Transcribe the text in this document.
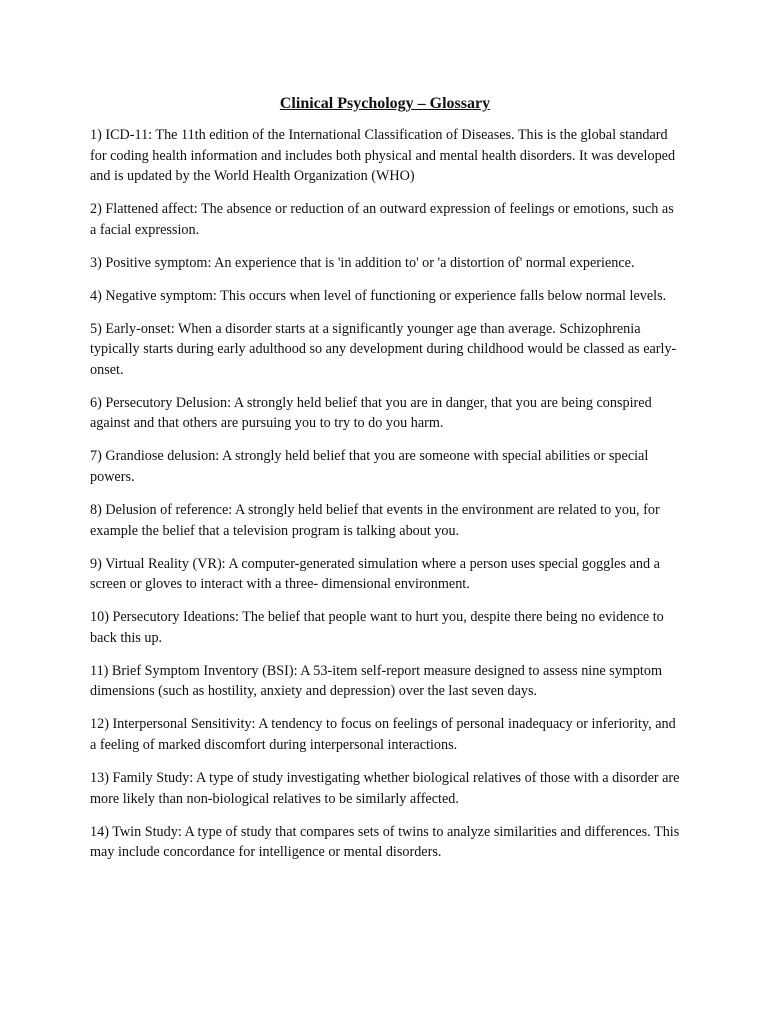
Clinical Psychology – Glossary

1) ICD-11: The 11th edition of the International Classification of Diseases. This is the global standard for coding health information and includes both physical and mental health disorders. It was developed and is updated by the World Health Organization (WHO)

2) Flattened affect: The absence or reduction of an outward expression of feelings or emotions, such as a facial expression.

3) Positive symptom: An experience that is 'in addition to' or 'a distortion of' normal experience.

4) Negative symptom: This occurs when level of functioning or experience falls below normal levels.

5) Early-onset: When a disorder starts at a significantly younger age than average. Schizophrenia typically starts during early adulthood so any development during childhood would be classed as early-onset.

6) Persecutory Delusion: A strongly held belief that you are in danger, that you are being conspired against and that others are pursuing you to try to do you harm.

7) Grandiose delusion: A strongly held belief that you are someone with special abilities or special powers.

8) Delusion of reference: A strongly held belief that events in the environment are related to you, for example the belief that a television program is talking about you.

9) Virtual Reality (VR): A computer-generated simulation where a person uses special goggles and a screen or gloves to interact with a three- dimensional environment.

10) Persecutory Ideations: The belief that people want to hurt you, despite there being no evidence to back this up.

11) Brief Symptom Inventory (BSI): A 53-item self-report measure designed to assess nine symptom dimensions (such as hostility, anxiety and depression) over the last seven days.

12) Interpersonal Sensitivity: A tendency to focus on feelings of personal inadequacy or inferiority, and a feeling of marked discomfort during interpersonal interactions.

13) Family Study: A type of study investigating whether biological relatives of those with a disorder are more likely than non-biological relatives to be similarly affected.

14) Twin Study: A type of study that compares sets of twins to analyze similarities and differences. This may include concordance for intelligence or mental disorders.
